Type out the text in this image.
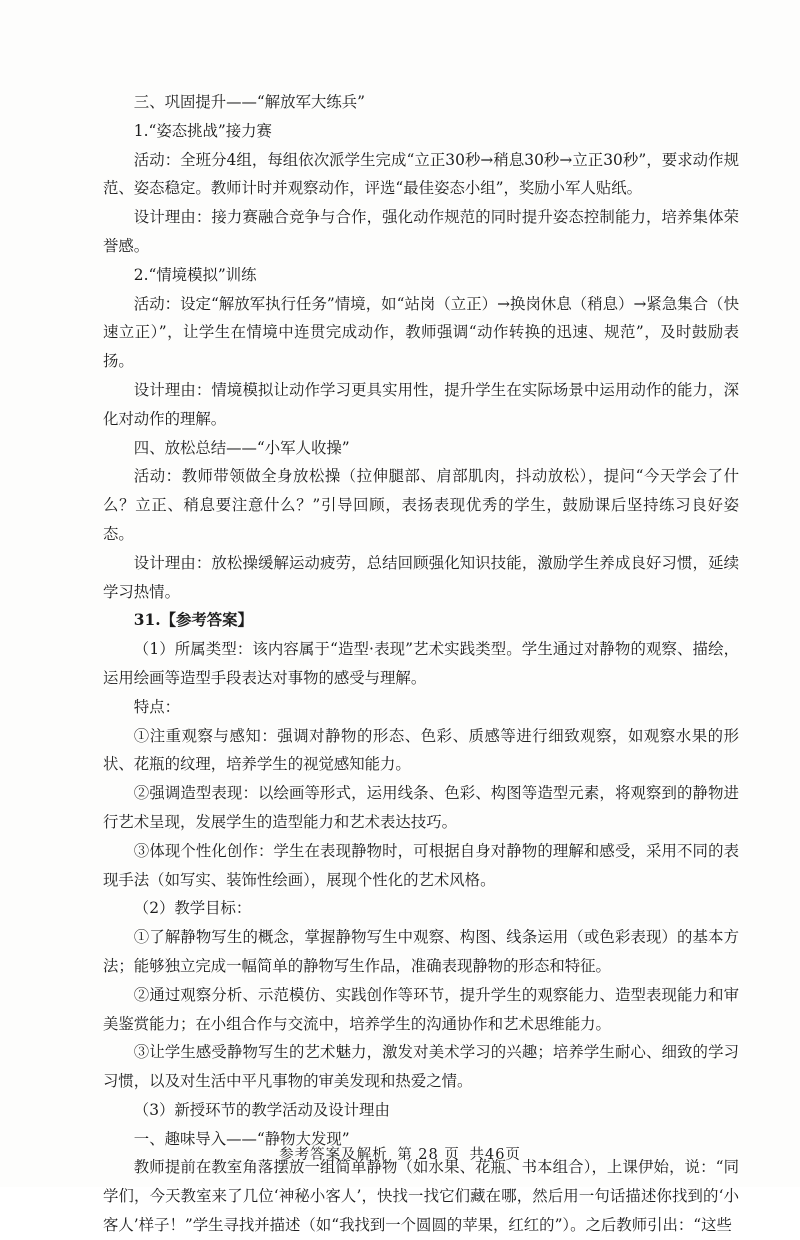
三、巩固提升——“解放军大练兵”

1.“姿态挑战”接力赛

活动：全班分4组，每组依次派学生完成“立正30秒→稍息30秒→立正30秒”，要求动作规范、姿态稳定。教师计时并观察动作，评选“最佳姿态小组”，奖励小军人贴纸。

设计理由：接力赛融合竞争与合作，强化动作规范的同时提升姿态控制能力，培养集体荣誉感。

2.“情境模拟”训练

活动：设定“解放军执行任务”情境，如“站岗（立正）→换岗休息（稍息）→紧急集合（快速立正）”，让学生在情境中连贯完成动作，教师强调“动作转换的迅速、规范”，及时鼓励表扬。

设计理由：情境模拟让动作学习更具实用性，提升学生在实际场景中运用动作的能力，深化对动作的理解。

四、放松总结——“小军人收操”

活动：教师带领做全身放松操（拉伸腿部、肩部肌肉，抖动放松），提问“今天学会了什么？立正、稍息要注意什么？”引导回顾，表扬表现优秀的学生，鼓励课后坚持练习良好姿态。

设计理由：放松操缓解运动疲劳，总结回顾强化知识技能，激励学生养成良好习惯，延续学习热情。

31.【参考答案】

（1）所属类型：该内容属于“造型·表现”艺术实践类型。学生通过对静物的观察、描绘，运用绘画等造型手段表达对事物的感受与理解。

特点：

①注重观察与感知：强调对静物的形态、色彩、质感等进行细致观察，如观察水果的形状、花瓶的纹理，培养学生的视觉感知能力。

②强调造型表现：以绘画等形式，运用线条、色彩、构图等造型元素，将观察到的静物进行艺术呈现，发展学生的造型能力和艺术表达技巧。

③体现个性化创作：学生在表现静物时，可根据自身对静物的理解和感受，采用不同的表现手法（如写实、装饰性绘画），展现个性化的艺术风格。

（2）教学目标：

①了解静物写生的概念，掌握静物写生中观察、构图、线条运用（或色彩表现）的基本方法；能够独立完成一幅简单的静物写生作品，准确表现静物的形态和特征。

②通过观察分析、示范模仿、实践创作等环节，提升学生的观察能力、造型表现能力和审美鉴赏能力；在小组合作与交流中，培养学生的沟通协作和艺术思维能力。

③让学生感受静物写生的艺术魅力，激发对美术学习的兴趣；培养学生耐心、细致的学习习惯，以及对生活中平凡事物的审美发现和热爱之情。

（3）新授环节的教学活动及设计理由

一、趣味导入——“静物大发现”

教师提前在教室角落摆放一组简单静物（如水果、花瓶、书本组合），上课伊始，说：“同学们，今天教室来了几位‘神秘小客人’，快找一找它们藏在哪，然后用一句话描述你找到的‘小客人’样子！”学生寻找并描述（如“我找到一个圆圆的苹果，红红的”）。之后教师引出：“这些

参考答案及解析 第 28 页 共46页
